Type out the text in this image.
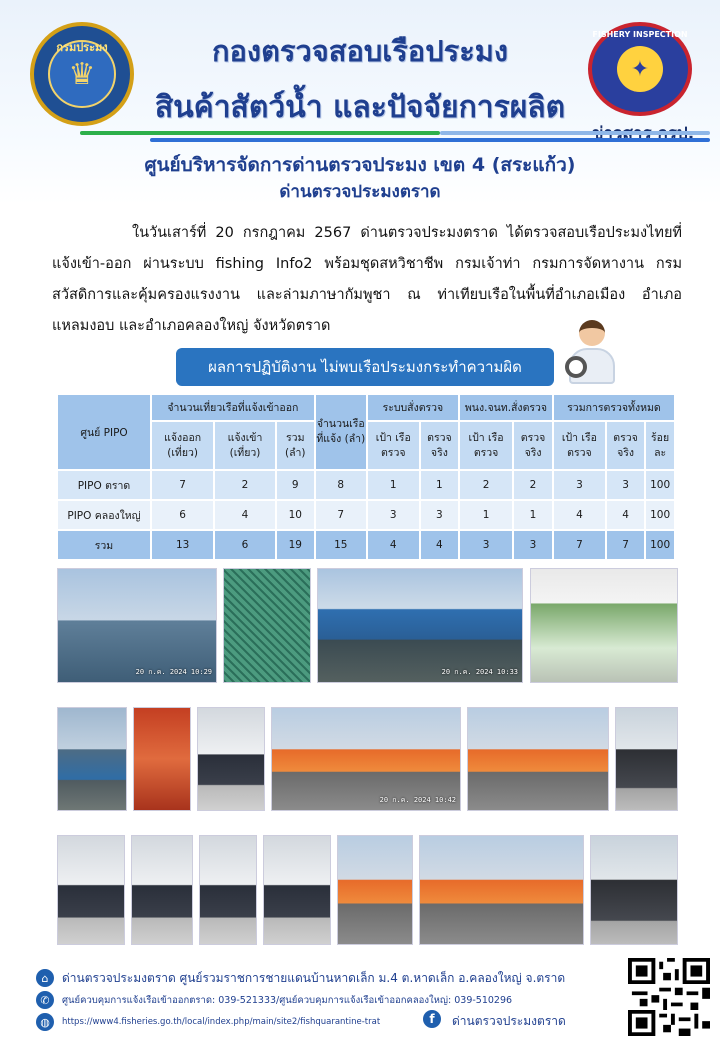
กรมประมง
♛
กองตรวจสอบเรือประมง
สินค้าสัตว์น้ำ และปัจจัยการผลิต
✦
FISHERY INSPECTION
ศูนย์บริหารจัดการด่านตรวจประมง เขต 4 (สระแก้ว)
ด่านตรวจประมงตราด
ในวันเสาร์ที่ 20 กรกฎาคม 2567 ด่านตรวจประมงตราด ได้ตรวจสอบเรือประมงไทยที่แจ้งเข้า-ออก ผ่านระบบ fishing Info2 พร้อมชุดสหวิชาชีพ กรมเจ้าท่า กรมการจัดหางาน กรมสวัสดิการและคุ้มครองแรงงาน และล่ามภาษากัมพูชา ณ ท่าเทียบเรือในพื้นที่อำเภอเมือง อำเภอแหลมงอบ และอำเภอคลองใหญ่ จังหวัดตราด
ผลการปฏิบัติงาน ไม่พบเรือประมงกระทำความผิด
ศูนย์ PIPO	จำนวนเที่ยวเรือที่แจ้งเข้าออก			จำนวนเรือที่แจ้ง (ลำ)	ระบบสั่งตรวจ		พนง.จนท.สั่งตรวจ		รวมการตรวจทั้งหมด		
	แจ้งออก (เที่ยว)	แจ้งเข้า (เที่ยว)	รวม (ลำ)		เป้า เรือตรวจ	ตรวจจริง	เป้า เรือตรวจ	ตรวจจริง	เป้า เรือตรวจ	ตรวจจริง	ร้อยละ
PIPO ตราด	7	2	9	8	1	1	2	2	3	3	100
PIPO คลองใหญ่	6	4	10	7	3	3	1	1	4	4	100
รวม	13	6	19	15	4	4	3	3	7	7	100
20 ก.ค. 2024 10:29	20 ก.ค. 2024 10:33
20 ก.ค. 2024 10:42
⌂	ด่านตรวจประมงตราด ศูนย์รวมราชการชายแดนบ้านหาดเล็ก ม.4 ต.หาดเล็ก อ.คลองใหญ่ จ.ตราด
✆	ศูนย์ควบคุมการแจ้งเรือเข้าออกตราด: 039-521333/ศูนย์ควบคุมการแจ้งเรือเข้าออกคลองใหญ่: 039-510296
◍	https://www4.fisheries.go.th/local/index.php/main/site2/fishquarantine-trat	f	ด่านตรวจประมงตราด
